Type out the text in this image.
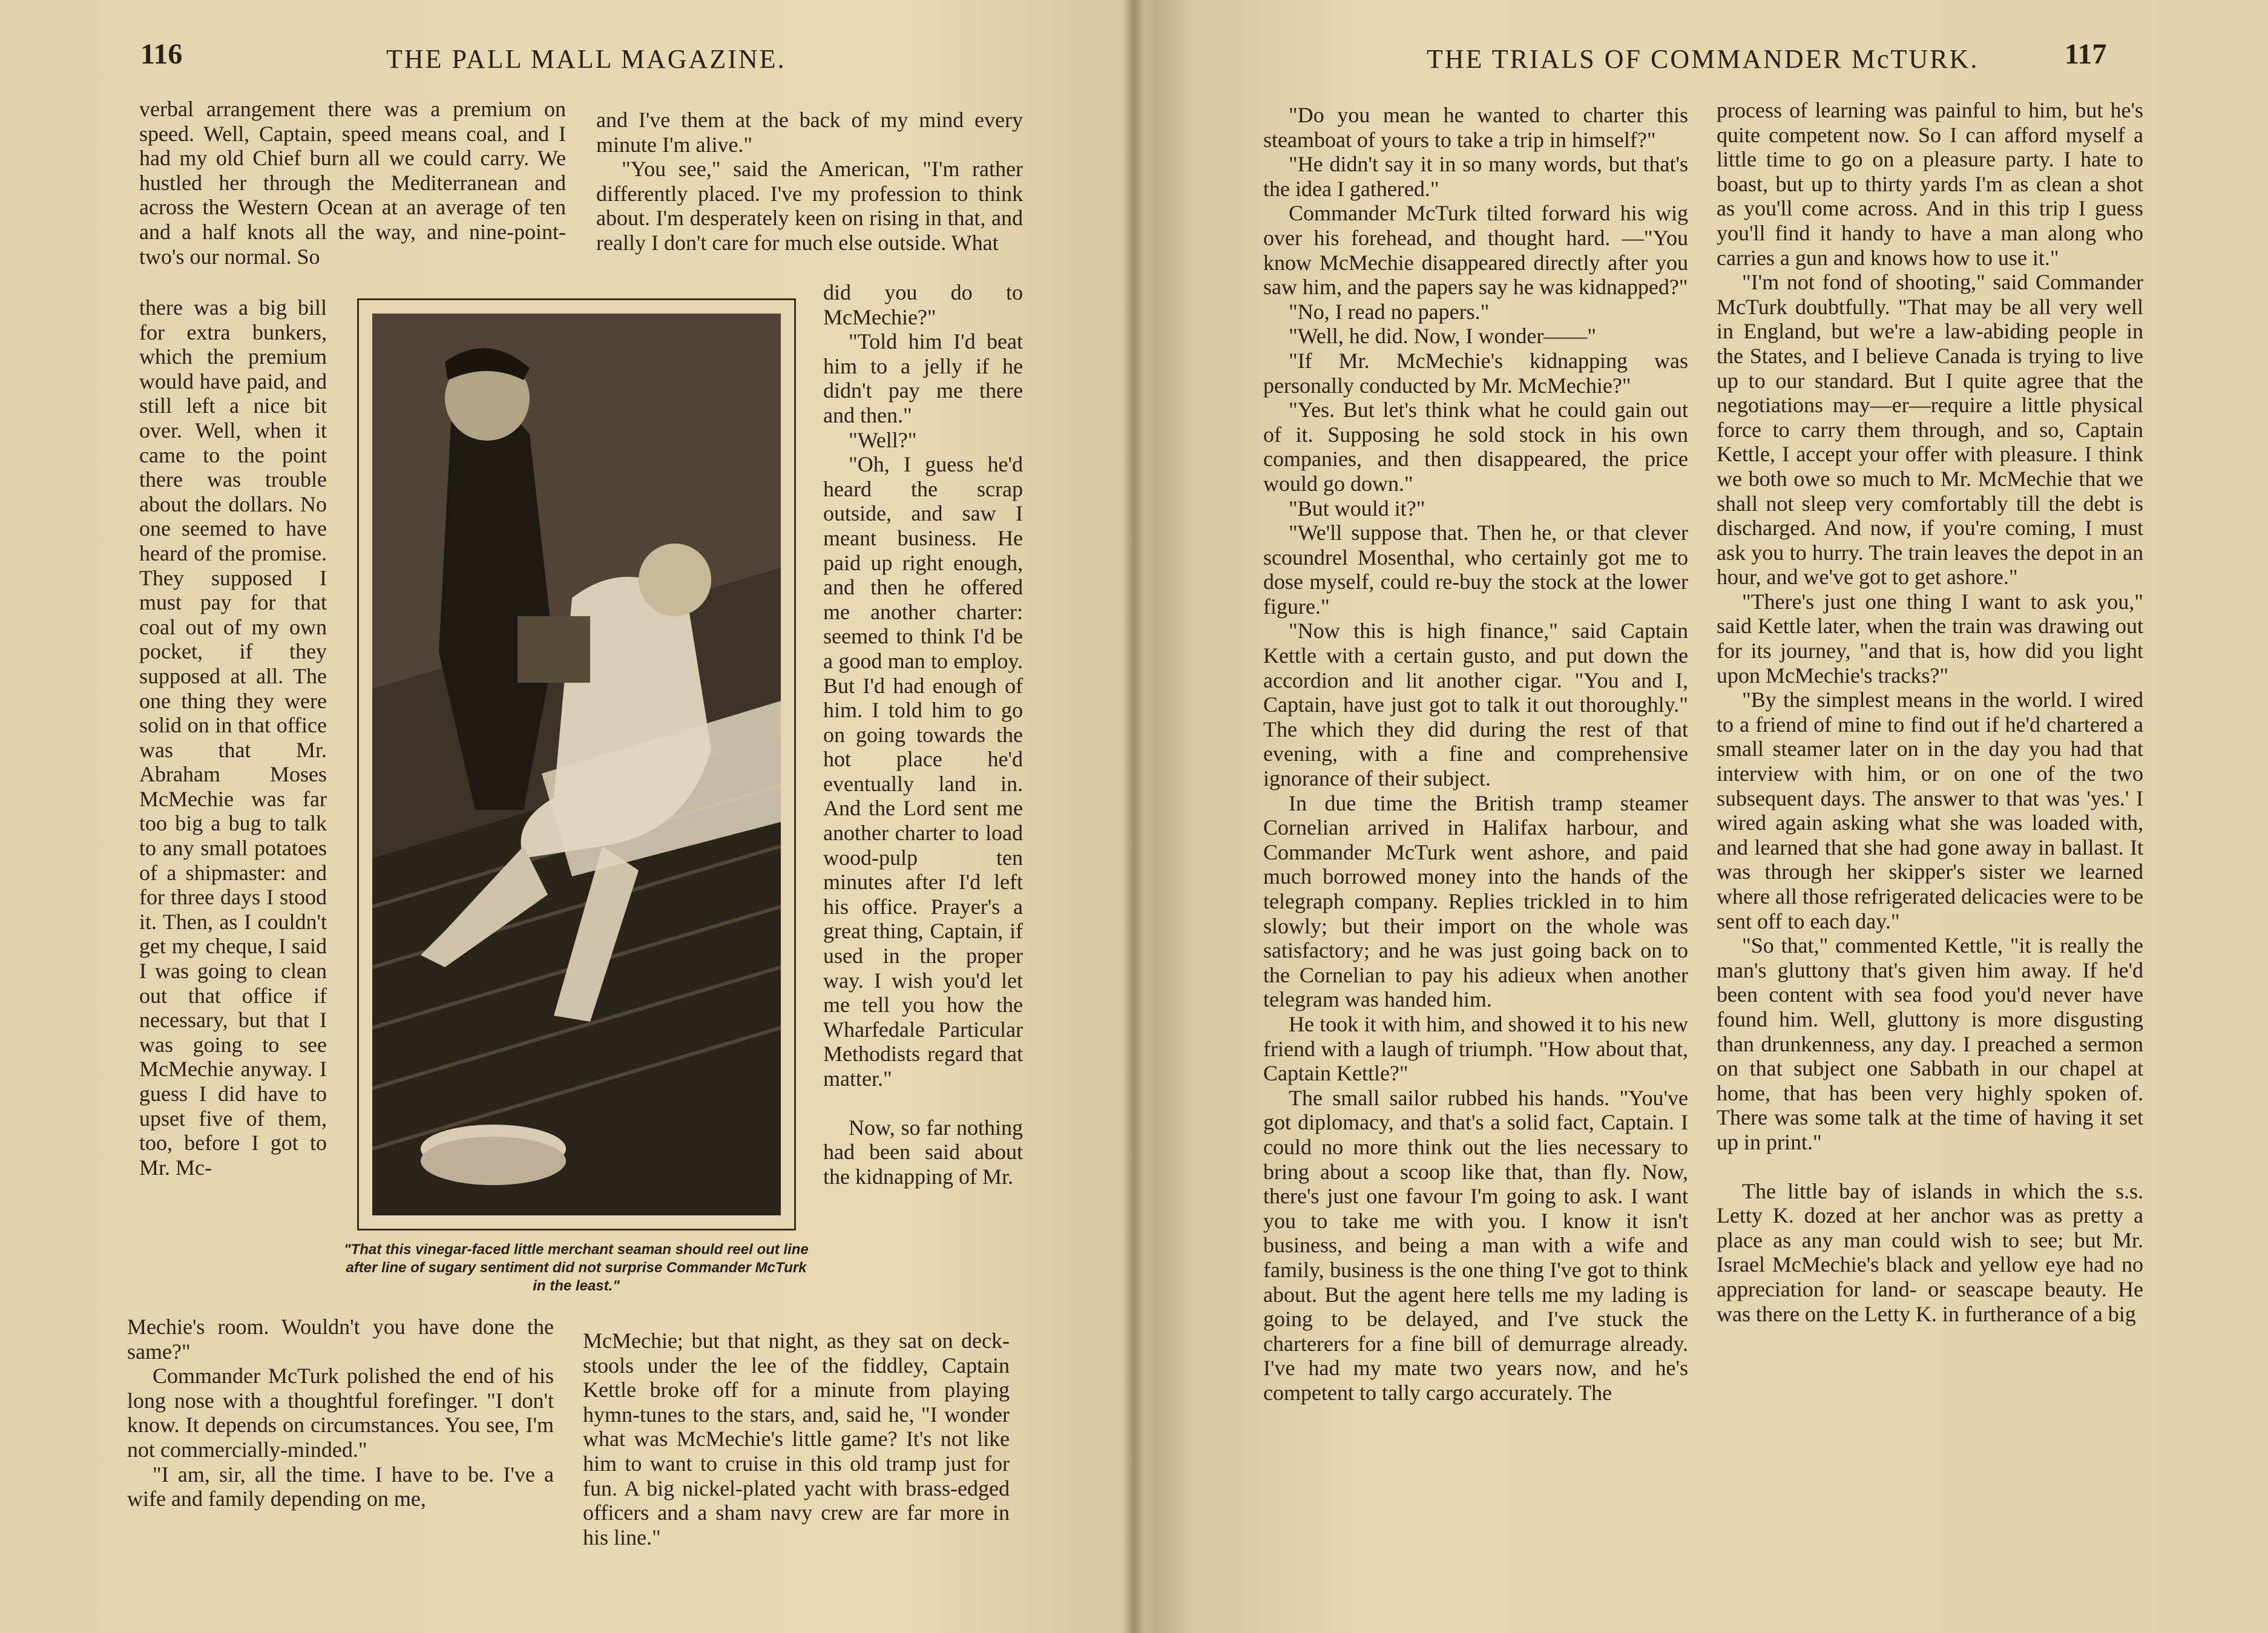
116	THE PALL MALL MAGAZINE.

verbal arrangement there was a premium on speed. Well, Captain, speed means coal, and I had my old Chief burn all we could carry. We hustled her through the Mediterranean and across the Western Ocean at an average of ten and a half knots all the way, and nine-point-two's our normal. So

there was a big bill for extra bunkers, which the premium would have paid, and still left a nice bit over. Well, when it came to the point there was trouble about the dollars. No one seemed to have heard of the promise. They supposed I must pay for that coal out of my own pocket, if they supposed at all. The one thing they were solid on in that office was that Mr. Abraham Moses McMechie was far too big a bug to talk to any small potatoes of a shipmaster: and for three days I stood it. Then, as I couldn't get my cheque, I said I was going to clean out that office if necessary, but that I was going to see McMechie anyway. I guess I did have to upset five of them, too, before I got to Mr. Mc-

Mechie's room. Wouldn't you have done the same?"

Commander McTurk polished the end of his long nose with a thoughtful forefinger. "I don't know. It depends on circumstances. You see, I'm not commercially-minded."

"I am, sir, all the time. I have to be. I've a wife and family depending on me,

and I've them at the back of my mind every minute I'm alive."

"You see," said the American, "I'm rather differently placed. I've my profession to think about. I'm desperately keen on rising in that, and really I don't care for much else outside. What

did you do to McMechie?"

"Told him I'd beat him to a jelly if he didn't pay me there and then."

"Well?"

"Oh, I guess he'd heard the scrap outside, and saw I meant business. He paid up right enough, and then he offered me another charter: seemed to think I'd be a good man to employ. But I'd had enough of him. I told him to go on going towards the hot place he'd eventually land in. And the Lord sent me another charter to load wood-pulp ten minutes after I'd left his office. Prayer's a great thing, Captain, if used in the proper way. I wish you'd let me tell you how the Wharfedale Particular Methodists regard that matter."

Now, so far nothing had been said about the kidnapping of Mr.

McMechie; but that night, as they sat on deck-stools under the lee of the fiddley, Captain Kettle broke off for a minute from playing hymn-tunes to the stars, and, said he, "I wonder what was McMechie's little game? It's not like him to want to cruise in this old tramp just for fun. A big nickel-plated yacht with brass-edged officers and a sham navy crew are far more in his line."

"That this vinegar-faced little merchant seaman should reel out line after line of sugary sentiment did not surprise Commander McTurk in the least."
THE TRIALS OF COMMANDER McTURK.	117

"Do you mean he wanted to charter this steamboat of yours to take a trip in himself?"

"He didn't say it in so many words, but that's the idea I gathered."

Commander McTurk tilted forward his wig over his forehead, and thought hard. —"You know McMechie disappeared directly after you saw him, and the papers say he was kidnapped?"

"No, I read no papers."

"Well, he did. Now, I wonder——"

"If Mr. McMechie's kidnapping was personally conducted by Mr. McMechie?"

"Yes. But let's think what he could gain out of it. Supposing he sold stock in his own companies, and then disappeared, the price would go down."

"But would it?"

"We'll suppose that. Then he, or that clever scoundrel Mosenthal, who certainly got me to dose myself, could re-buy the stock at the lower figure."

"Now this is high finance," said Captain Kettle with a certain gusto, and put down the accordion and lit another cigar. "You and I, Captain, have just got to talk it out thoroughly." The which they did during the rest of that evening, with a fine and comprehensive ignorance of their subject.

In due time the British tramp steamer Cornelian arrived in Halifax harbour, and Commander McTurk went ashore, and paid much borrowed money into the hands of the telegraph company. Replies trickled in to him slowly; but their import on the whole was satisfactory; and he was just going back on to the Cornelian to pay his adieux when another telegram was handed him.

He took it with him, and showed it to his new friend with a laugh of triumph. "How about that, Captain Kettle?"

The small sailor rubbed his hands. "You've got diplomacy, and that's a solid fact, Captain. I could no more think out the lies necessary to bring about a scoop like that, than fly. Now, there's just one favour I'm going to ask. I want you to take me with you. I know it isn't business, and being a man with a wife and family, business is the one thing I've got to think about. But the agent here tells me my lading is going to be delayed, and I've stuck the charterers for a fine bill of demurrage already. I've had my mate two years now, and he's competent to tally cargo accurately. The

process of learning was painful to him, but he's quite competent now. So I can afford myself a little time to go on a pleasure party. I hate to boast, but up to thirty yards I'm as clean a shot as you'll come across. And in this trip I guess you'll find it handy to have a man along who carries a gun and knows how to use it."

"I'm not fond of shooting," said Commander McTurk doubtfully. "That may be all very well in England, but we're a law-abiding people in the States, and I believe Canada is trying to live up to our standard. But I quite agree that the negotiations may—er—require a little physical force to carry them through, and so, Captain Kettle, I accept your offer with pleasure. I think we both owe so much to Mr. McMechie that we shall not sleep very comfortably till the debt is discharged. And now, if you're coming, I must ask you to hurry. The train leaves the depot in an hour, and we've got to get ashore."

"There's just one thing I want to ask you," said Kettle later, when the train was drawing out for its journey, "and that is, how did you light upon McMechie's tracks?"

"By the simplest means in the world. I wired to a friend of mine to find out if he'd chartered a small steamer later on in the day you had that interview with him, or on one of the two subsequent days. The answer to that was 'yes.' I wired again asking what she was loaded with, and learned that she had gone away in ballast. It was through her skipper's sister we learned where all those refrigerated delicacies were to be sent off to each day."

"So that," commented Kettle, "it is really the man's gluttony that's given him away. If he'd been content with sea food you'd never have found him. Well, gluttony is more disgusting than drunkenness, any day. I preached a sermon on that subject one Sabbath in our chapel at home, that has been very highly spoken of. There was some talk at the time of having it set up in print."

The little bay of islands in which the s.s. Letty K. dozed at her anchor was as pretty a place as any man could wish to see; but Mr. Israel McMechie's black and yellow eye had no appreciation for land- or seascape beauty. He was there on the Letty K. in furtherance of a big
